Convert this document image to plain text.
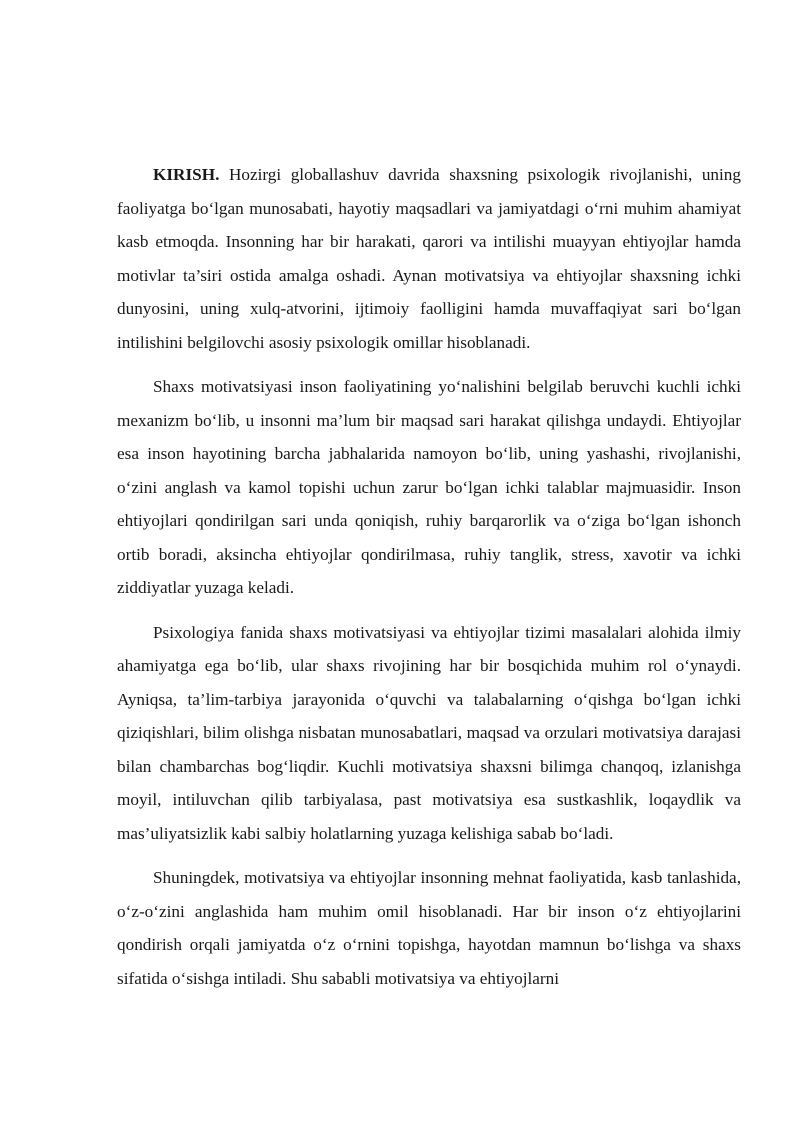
KIRISH. Hozirgi globallashuv davrida shaxsning psixologik rivojlanishi, uning faoliyatga bo‘lgan munosabati, hayotiy maqsadlari va jamiyatdagi o‘rni muhim ahamiyat kasb etmoqda. Insonning har bir harakati, qarori va intilishi muayyan ehtiyojlar hamda motivlar ta’siri ostida amalga oshadi. Aynan motivatsiya va ehtiyojlar shaxsning ichki dunyosini, uning xulq-atvorini, ijtimoiy faolligini hamda muvaffaqiyat sari bo‘lgan intilishini belgilovchi asosiy psixologik omillar hisoblanadi.

Shaxs motivatsiyasi inson faoliyatining yo‘nalishini belgilab beruvchi kuchli ichki mexanizm bo‘lib, u insonni ma’lum bir maqsad sari harakat qilishga undaydi. Ehtiyojlar esa inson hayotining barcha jabhalarida namoyon bo‘lib, uning yashashi, rivojlanishi, o‘zini anglash va kamol topishi uchun zarur bo‘lgan ichki talablar majmuasidir. Inson ehtiyojlari qondirilgan sari unda qoniqish, ruhiy barqarorlik va o‘ziga bo‘lgan ishonch ortib boradi, aksincha ehtiyojlar qondirilmasa, ruhiy tanglik, stress, xavotir va ichki ziddiyatlar yuzaga keladi.

Psixologiya fanida shaxs motivatsiyasi va ehtiyojlar tizimi masalalari alohida ilmiy ahamiyatga ega bo‘lib, ular shaxs rivojining har bir bosqichida muhim rol o‘ynaydi. Ayniqsa, ta’lim-tarbiya jarayonida o‘quvchi va talabalarning o‘qishga bo‘lgan ichki qiziqishlari, bilim olishga nisbatan munosabatlari, maqsad va orzulari motivatsiya darajasi bilan chambarchas bog‘liqdir. Kuchli motivatsiya shaxsni bilimga chanqoq, izlanishga moyil, intiluvchan qilib tarbiyalasa, past motivatsiya esa sustkashlik, loqaydlik va mas’uliyatsizlik kabi salbiy holatlarning yuzaga kelishiga sabab bo‘ladi.

Shuningdek, motivatsiya va ehtiyojlar insonning mehnat faoliyatida, kasb tanlashida, o‘z-o‘zini anglashida ham muhim omil hisoblanadi. Har bir inson o‘z ehtiyojlarini qondirish orqali jamiyatda o‘z o‘rnini topishga, hayotdan mamnun bo‘lishga va shaxs sifatida o‘sishga intiladi. Shu sababli motivatsiya va ehtiyojlarni
